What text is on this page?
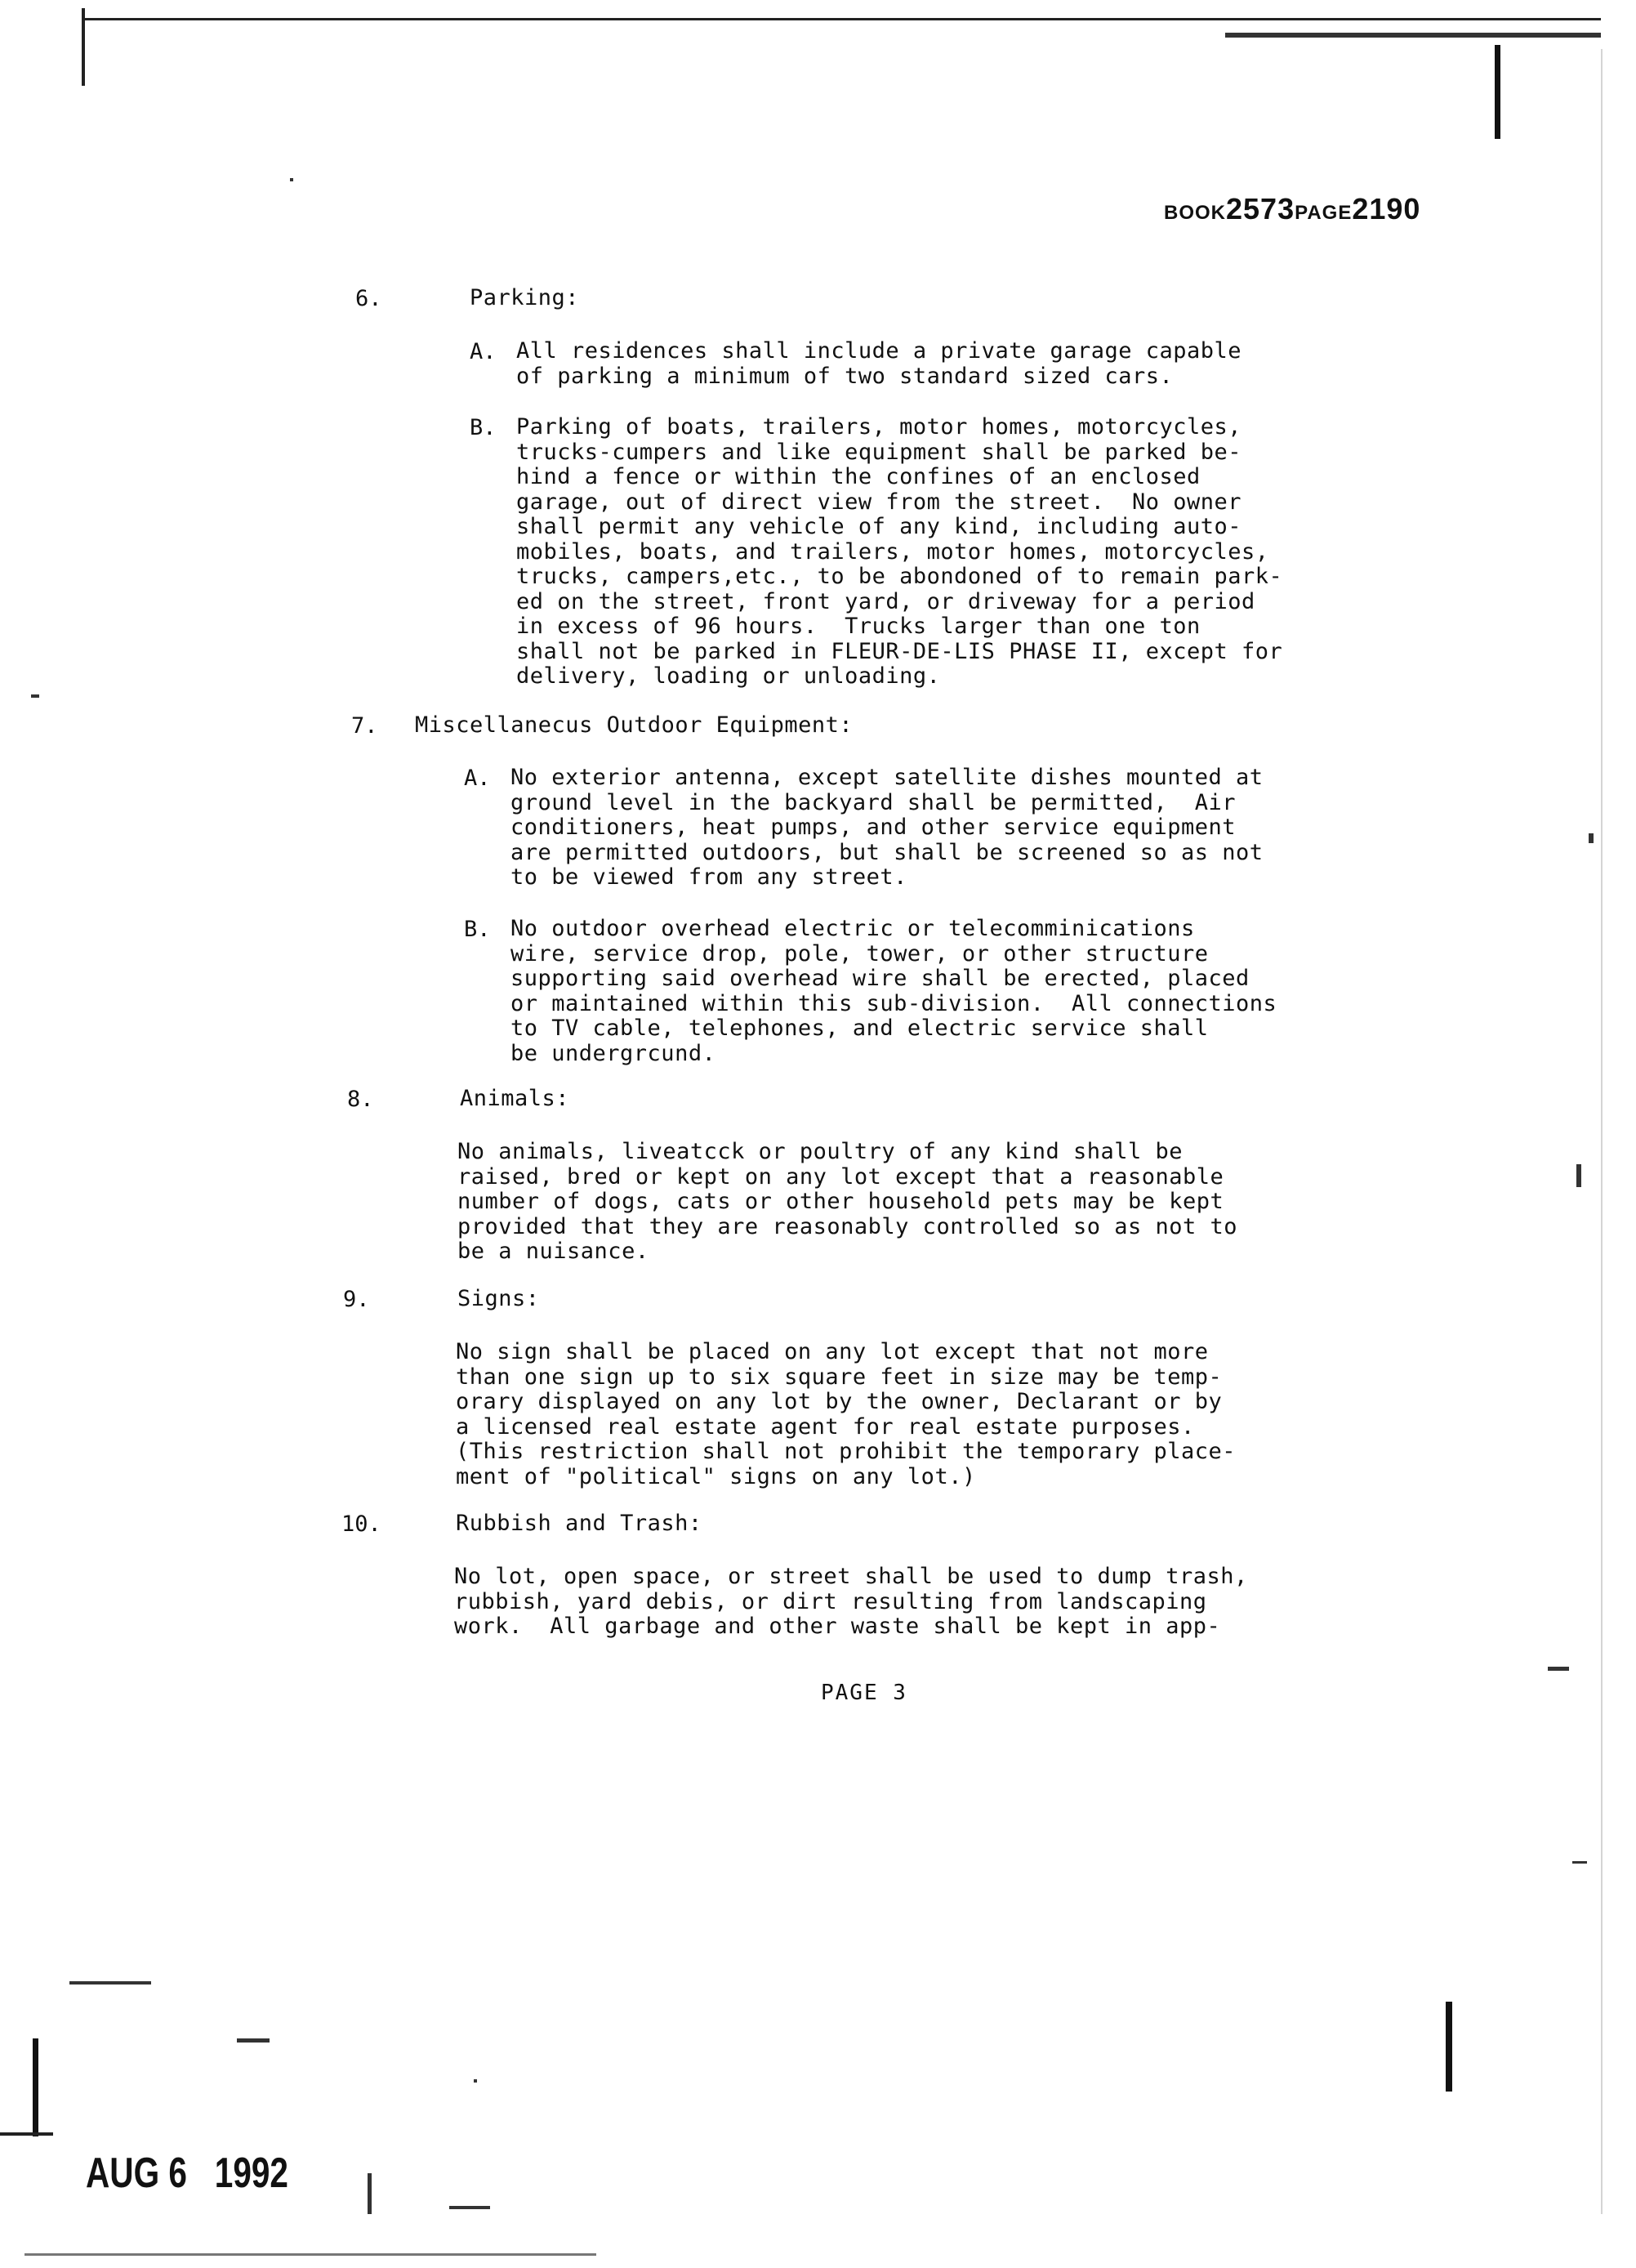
BOOK2573PAGE2190
6.	Parking:
A. All residences shall include a private garage capable
of parking a minimum of two standard sized cars.
B. Parking of boats, trailers, motor homes, motorcycles,
trucks-cumpers and like equipment shall be parked be-
hind a fence or within the confines of an enclosed
garage, out of direct view from the street.  No owner
shall permit any vehicle of any kind, including auto-
mobiles, boats, and trailers, motor homes, motorcycles,
trucks, campers,etc., to be abondoned of to remain park-
ed on the street, front yard, or driveway for a period
in excess of 96 hours.  Trucks larger than one ton
shall not be parked in FLEUR-DE-LIS PHASE II, except for
delivery, loading or unloading.
7. Miscellanecus Outdoor Equipment:
A. No exterior antenna, except satellite dishes mounted at
ground level in the backyard shall be permitted,  Air
conditioners, heat pumps, and other service equipment
are permitted outdoors, but shall be screened so as not
to be viewed from any street.
B. No outdoor overhead electric or telecomminications
wire, service drop, pole, tower, or other structure
supporting said overhead wire shall be erected, placed
or maintained within this sub-division.  All connections
to TV cable, telephones, and electric service shall
be undergrcund.
8.	Animals:
No animals, liveatcck or poultry of any kind shall be
raised, bred or kept on any lot except that a reasonable
number of dogs, cats or other household pets may be kept
provided that they are reasonably controlled so as not to
be a nuisance.
9.	Signs:
No sign shall be placed on any lot except that not more
than one sign up to six square feet in size may be temp-
orary displayed on any lot by the owner, Declarant or by
a licensed real estate agent for real estate purposes.
(This restriction shall not prohibit the temporary place-
ment of "political" signs on any lot.)
10.	Rubbish and Trash:
No lot, open space, or street shall be used to dump trash,
rubbish, yard debis, or dirt resulting from landscaping
work.  All garbage and other waste shall be kept in app-
PAGE 3
AUG 6   1992
